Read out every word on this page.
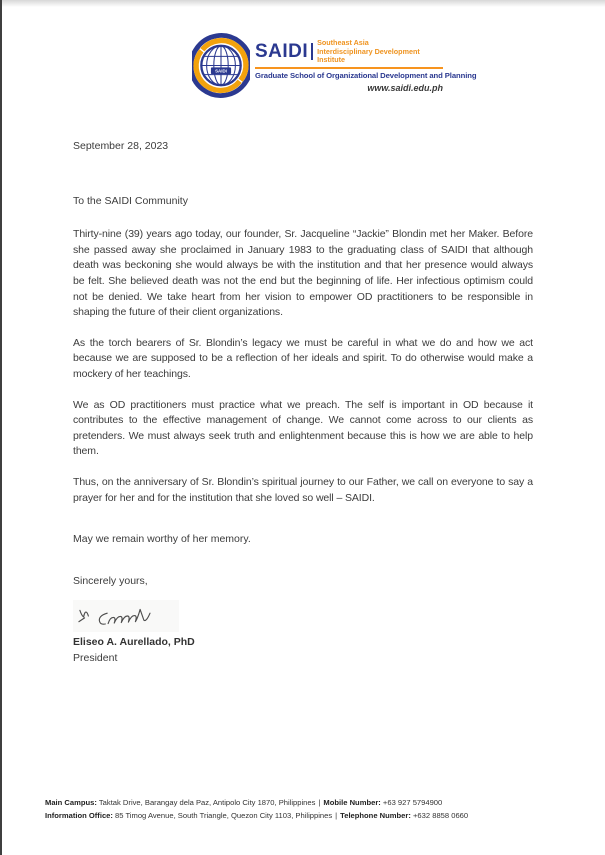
SAIDI
SAIDI Southeast Asia
Interdisciplinary Development Institute
Graduate School of Organizational Development and Planning
www.saidi.edu.ph

September 28, 2023

To the SAIDI Community

Thirty-nine (39) years ago today, our founder, Sr. Jacqueline “Jackie” Blondin met her Maker. Before she passed away she proclaimed in January 1983 to the graduating class of SAIDI that although death was beckoning she would always be with the institution and that her presence would always be felt. She believed death was not the end but the beginning of life. Her infectious optimism could not be denied. We take heart from her vision to empower OD practitioners to be responsible in shaping the future of their client organizations.

As the torch bearers of Sr. Blondin’s legacy we must be careful in what we do and how we act because we are supposed to be a reflection of her ideals and spirit. To do otherwise would make a mockery of her teachings.

We as OD practitioners must practice what we preach. The self is important in OD because it contributes to the effective management of change. We cannot come across to our clients as pretenders. We must always seek truth and enlightenment because this is how we are able to help them.

Thus, on the anniversary of Sr. Blondin’s spiritual journey to our Father, we call on everyone to say a prayer for her and for the institution that she loved so well – SAIDI.

May we remain worthy of her memory.

Sincerely yours,

Eliseo A. Aurellado, PhD

President

Main Campus: Taktak Drive, Barangay dela Paz, Antipolo City 1870, Philippines | Mobile Number: +63 927 5794900
Information Office: 85 Timog Avenue, South Triangle, Quezon City 1103, Philippines | Telephone Number: +632 8858 0660
